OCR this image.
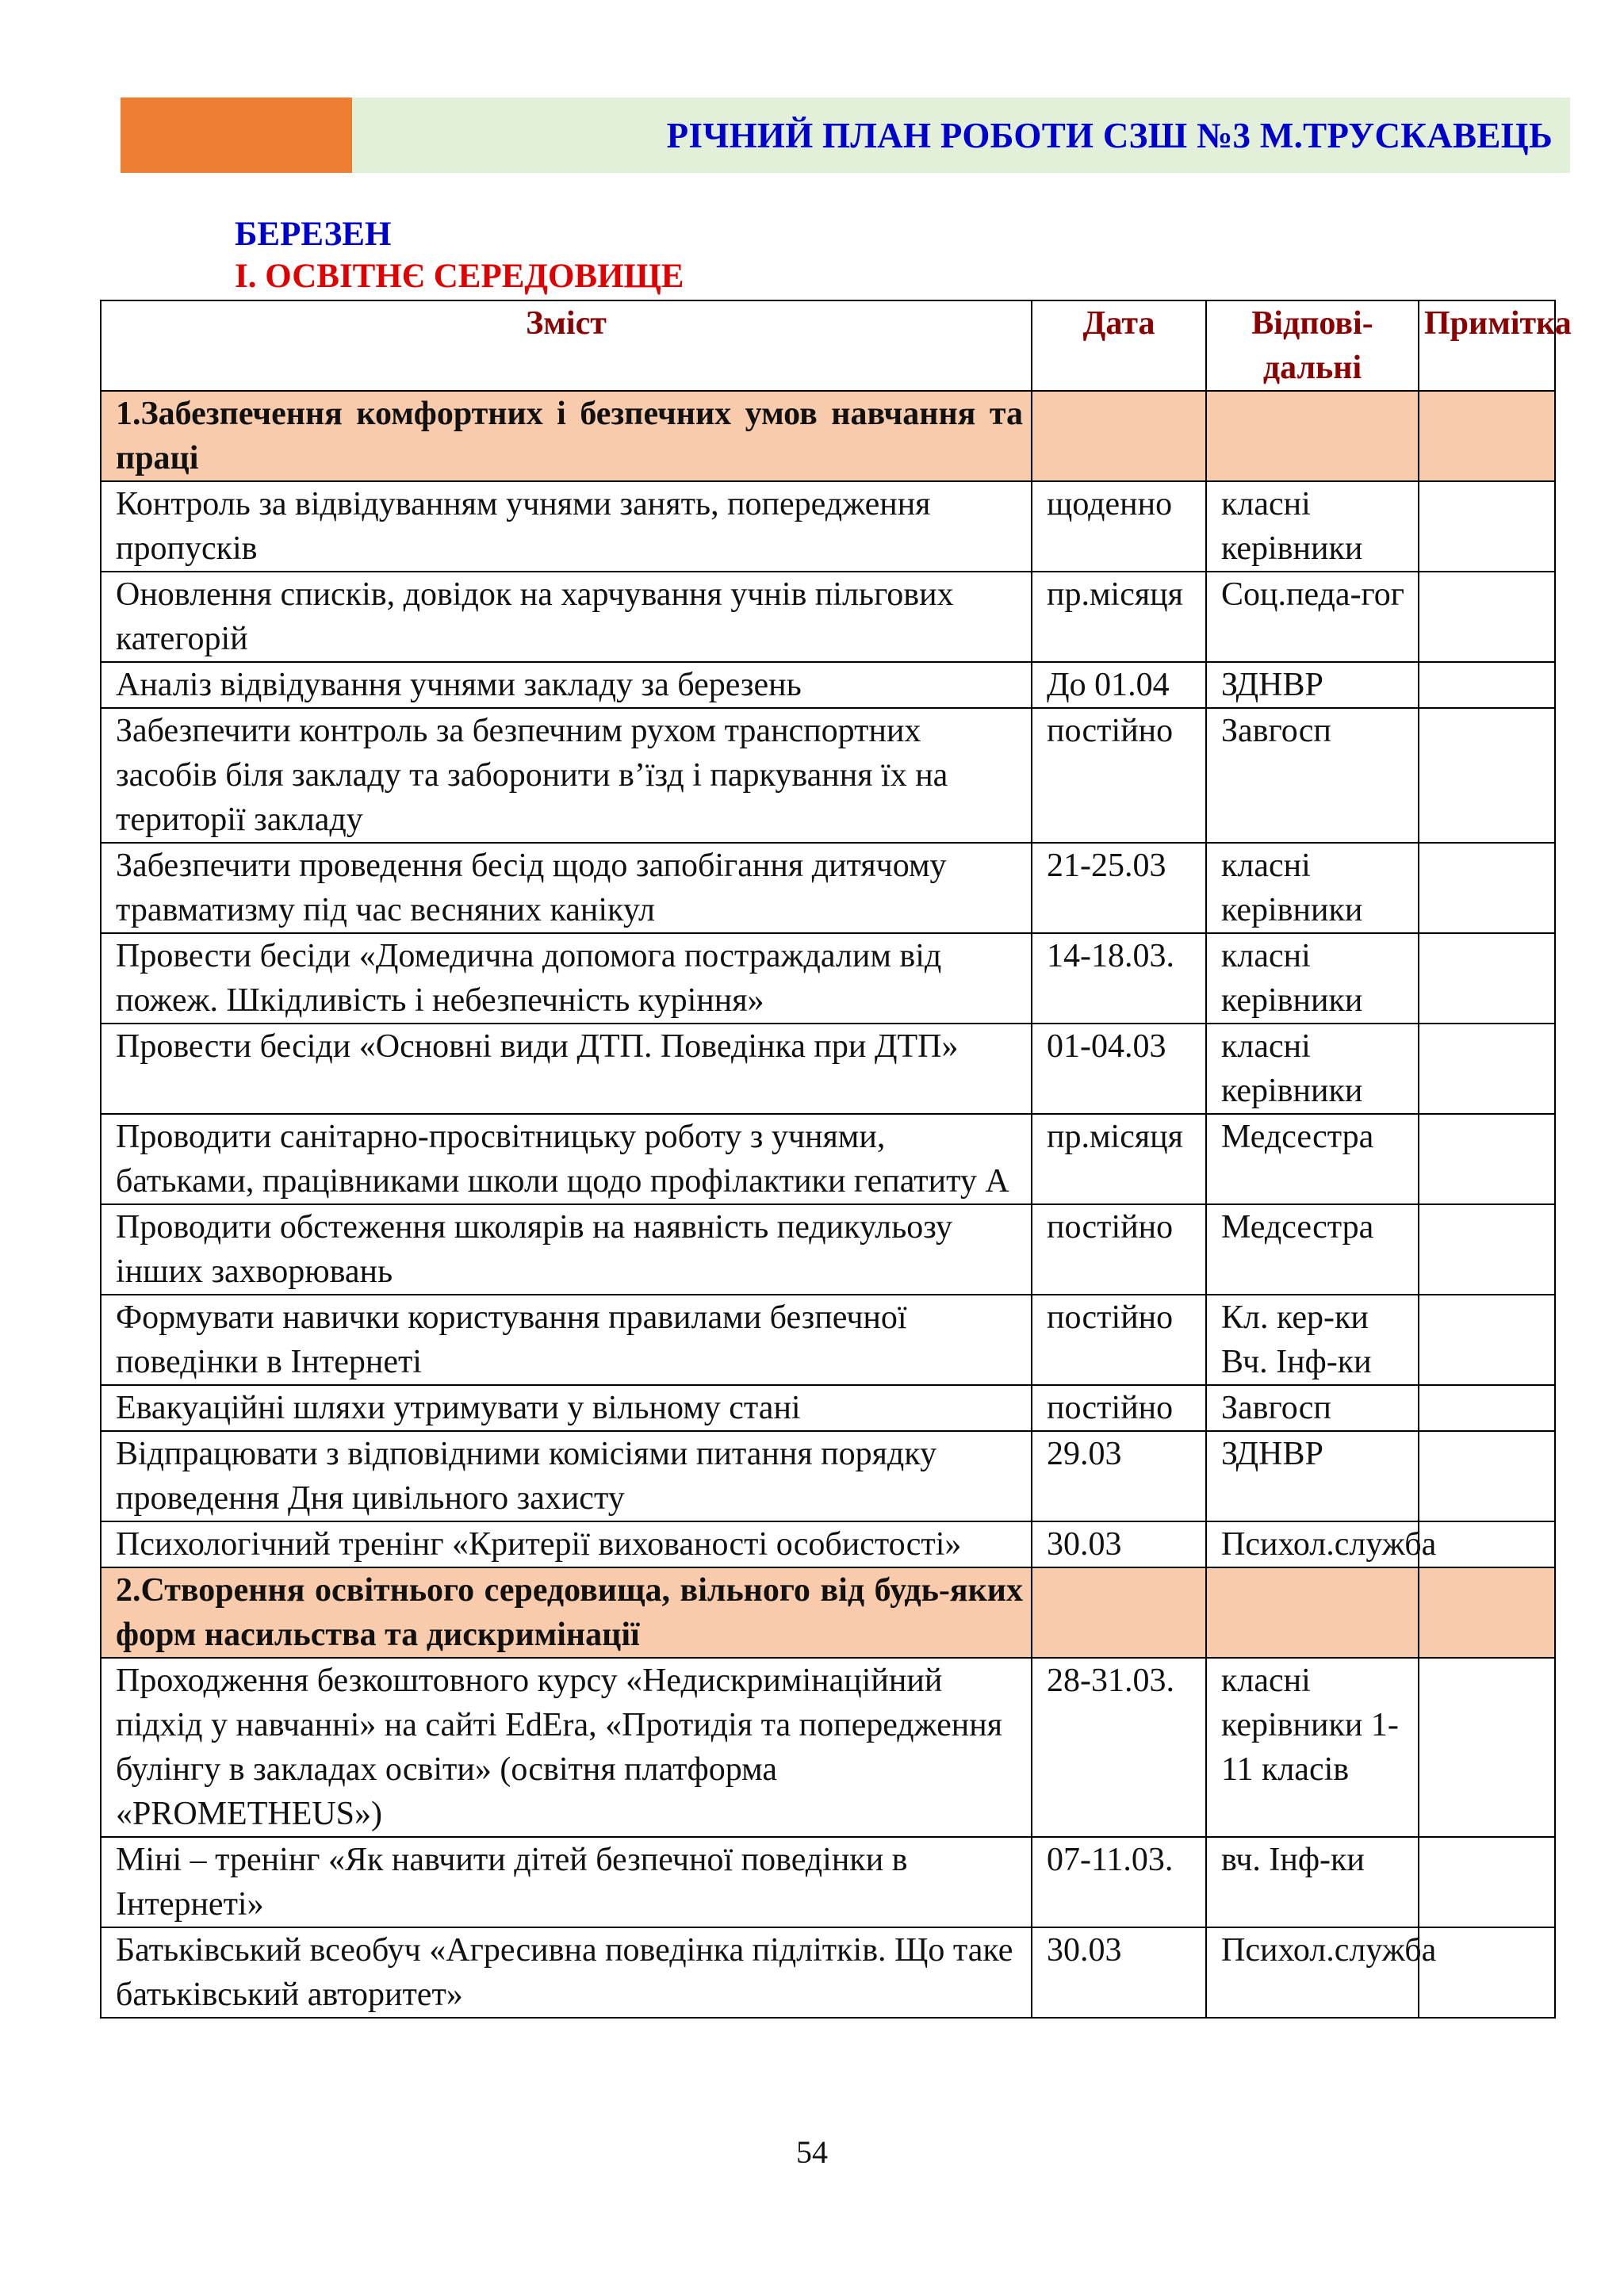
РІЧНИЙ ПЛАН РОБОТИ СЗШ №3 М.ТРУСКАВЕЦЬ
БЕРЕЗЕН
І. ОСВІТНЄ СЕРЕДОВИЩЕ
Зміст	Дата	Відпові-дальні	Примітка
1.Забезпечення комфортних і безпечних умов навчання та праці			
Контроль за відвідуванням учнями занять, попередження пропусків	щоденно	класні керівники	
Оновлення списків, довідок на харчування учнів пільгових категорій	пр.місяця	Соц.педа-гог	
Аналіз відвідування учнями закладу за березень	До 01.04	ЗДНВР	
Забезпечити контроль за безпечним рухом транспортних засобів біля закладу та заборонити в’їзд і паркування їх на території закладу	постійно	Завгосп	
Забезпечити проведення бесід щодо запобігання дитячому травматизму під час весняних канікул	21-25.03	класні керівники	
Провести бесіди «Домедична допомога постраждалим від пожеж. Шкідливість і небезпечність куріння»	14-18.03.	класні керівники	
Провести бесіди «Основні види ДТП. Поведінка при ДТП»	01-04.03	класні керівники	
Проводити санітарно-просвітницьку роботу з учнями, батьками, працівниками школи щодо профілактики гепатиту А	пр.місяця	Медсестра	
Проводити обстеження школярів на наявність педикульозу інших захворювань	постійно	Медсестра	
Формувати навички користування правилами безпечної поведінки в Інтернеті	постійно	Кл. кер-ки Вч. Інф-ки	
Евакуаційні шляхи утримувати у вільному стані	постійно	Завгосп	
Відпрацювати з відповідними комісіями питання порядку проведення Дня цивільного захисту	29.03	ЗДНВР	
Психологічний тренінг «Критерії вихованості особистості»	30.03	Психол.служба	
2.Створення освітнього середовища, вільного від будь-яких форм насильства та дискримінації			
Проходження безкоштовного курсу «Недискримінаційний підхід у навчанні» на сайті EdEra, «Протидія та попередження булінгу в закладах освіти» (освітня платформа «PROMETHEUS»)	28-31.03.	класні керівники 1-11 класів	
Міні – тренінг «Як навчити дітей безпечної поведінки в Інтернеті»	07-11.03.	вч. Інф-ки	
Батьківський всеобуч «Агресивна поведінка підлітків. Що таке батьківський авторитет»	30.03	Психол.служба	
54
